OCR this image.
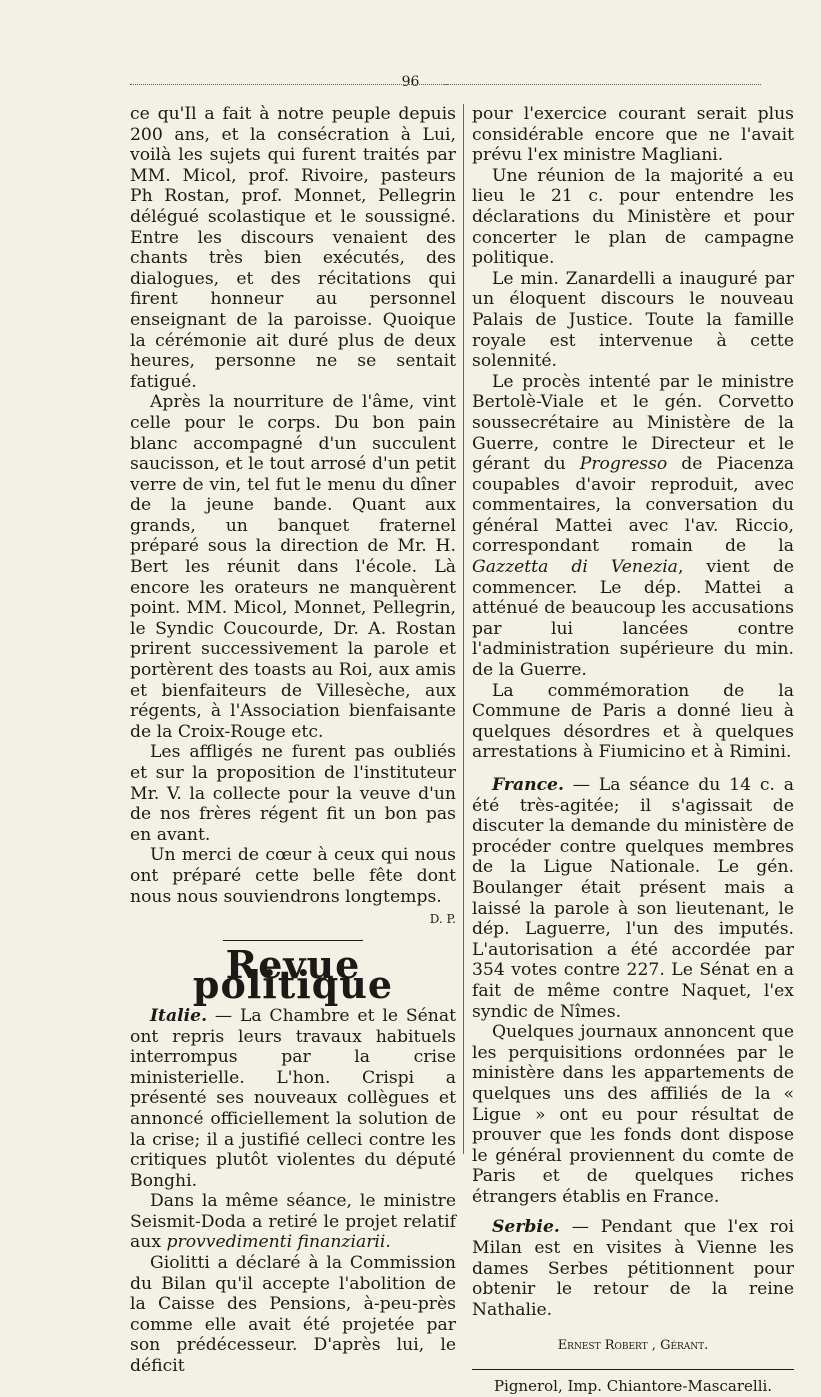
96

ce qu'Il a fait à notre peuple depuis 200 ans, et la consécration à Lui, voilà les sujets qui furent traités par MM. Micol, prof. Rivoire, pasteurs Ph Rostan, prof. Monnet, Pellegrin délégué scolastique et le soussigné. Entre les discours venaient des chants très bien exécutés, des dialogues, et des récitations qui firent honneur au personnel enseignant de la paroisse. Quoique la cérémonie ait duré plus de deux heures, personne ne se sentait fatigué.

Après la nourriture de l'âme, vint celle pour le corps. Du bon pain blanc accompagné d'un succulent saucisson, et le tout arrosé d'un petit verre de vin, tel fut le menu du dîner de la jeune bande. Quant aux grands, un banquet fraternel préparé sous la direction de Mr. H. Bert les réunit dans l'école. Là encore les orateurs ne manquèrent point. MM. Micol, Monnet, Pellegrin, le Syndic Coucourde, Dr. A. Rostan prirent successivement la parole et portèrent des toasts au Roi, aux amis et bienfaiteurs de Villesèche, aux régents, à l'Association bienfaisante de la Croix-Rouge etc.

Les affligés ne furent pas oubliés et sur la proposition de l'instituteur Mr. V. la collecte pour la veuve d'un de nos frères régent fit un bon pas en avant.

Un merci de cœur à ceux qui nous ont préparé cette belle fête dont nous nous souviendrons longtemps.

D. P.
Revue politique

Italie. — La Chambre et le Sénat ont repris leurs travaux habituels interrompus par la crise ministerielle. L'hon. Crispi a présenté ses nouveaux collègues et annoncé officiellement la solution de la crise; il a justifié celleci contre les critiques plutôt violentes du député Bonghi.

Dans la même séance, le ministre Seismit-Doda a retiré le projet relatif aux provvedimenti finanziarii.

Giolitti a déclaré à la Commission du Bilan qu'il accepte l'abolition de la Caisse des Pensions, à-peu-près comme elle avait été projetée par son prédécesseur. D'après lui, le déficit

pour l'exercice courant serait plus considérable encore que ne l'avait prévu l'ex ministre Magliani.

Une réunion de la majorité a eu lieu le 21 c. pour entendre les déclarations du Ministère et pour concerter le plan de campagne politique.

Le min. Zanardelli a inauguré par un éloquent discours le nouveau Palais de Justice. Toute la famille royale est intervenue à cette solennité.

Le procès intenté par le ministre Bertolè-Viale et le gén. Corvetto soussecrétaire au Ministère de la Guerre, contre le Directeur et le gérant du Progresso de Piacenza coupables d'avoir reproduit, avec commentaires, la conversation du général Mattei avec l'av. Riccio, correspondant romain de la Gazzetta di Venezia, vient de commencer. Le dép. Mattei a atténué de beaucoup les accusations par lui lancées contre l'administration supérieure du min. de la Guerre.

La commémoration de la Commune de Paris a donné lieu à quelques désordres et à quelques arrestations à Fiumicino et à Rimini.

France. — La séance du 14 c. a été très-agitée; il s'agissait de discuter la demande du ministère de procéder contre quelques membres de la Ligue Nationale. Le gén. Boulanger était présent mais a laissé la parole à son lieutenant, le dép. Laguerre, l'un des imputés. L'autorisation a été accordée par 354 votes contre 227. Le Sénat en a fait de même contre Naquet, l'ex syndic de Nîmes.

Quelques journaux annoncent que les perquisitions ordonnées par le ministère dans les appartements de quelques uns des affiliés de la « Ligue » ont eu pour résultat de prouver que les fonds dont dispose le général proviennent du comte de Paris et de quelques riches étrangers établis en France.

Serbie. — Pendant que l'ex roi Milan est en visites à Vienne les dames Serbes pétitionnent pour obtenir le retour de la reine Nathalie.

Ernest Robert , Gérant.
Pignerol, Imp. Chiantore-Mascarelli.
